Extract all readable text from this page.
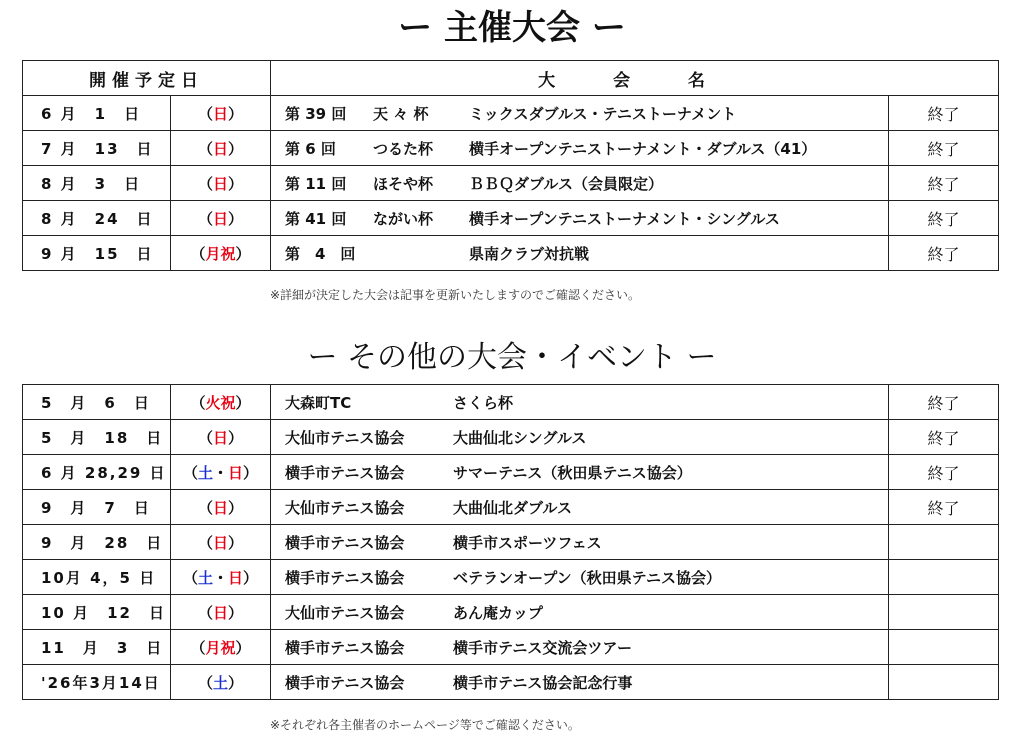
ー 主催大会 ー
開催予定日		大 会 名	
6 月　1　日	（日）	第 39 回 天 々 杯 ミックスダブルス・テニストーナメント	終了
7 月　13　日	（日）	第 6 回 つるた杯 横手オープンテニストーナメント・ダブルス（41）	終了
8 月　3　日	（日）	第 11 回 ほそや杯 ＢＢＱダブルス（会員限定）	終了
8 月　24　日	（日）	第 41 回 ながい杯 横手オープンテニストーナメント・シングルス	終了
9 月　15　日	（月祝）	第　4　回 県南クラブ対抗戦	終了
※詳細が決定した大会は記事を更新いたしますのでご確認ください。
ー その他の大会・イベント ー
5　月　6　日	（火祝）	大森町TC さくら杯	終了
5　月　18　日	（日）	大仙市テニス協会 大曲仙北シングルス	終了
6 月 28,29 日	（土・日）	横手市テニス協会 サマーテニス（秋田県テニス協会）	終了
9　月　7　日	（日）	大仙市テニス協会 大曲仙北ダブルス	終了
9　月　28　日	（日）	横手市テニス協会 横手市スポーツフェス	
10月 4，5 日	（土・日）	横手市テニス協会 ベテランオープン（秋田県テニス協会）	
10 月　12　日	（日）	大仙市テニス協会 あん庵カップ	
11　月　3　日	（月祝）	横手市テニス協会 横手市テニス交流会ツアー	
'26年3月14日	（土）	横手市テニス協会 横手市テニス協会記念行事	
※それぞれ各主催者のホームページ等でご確認ください。
